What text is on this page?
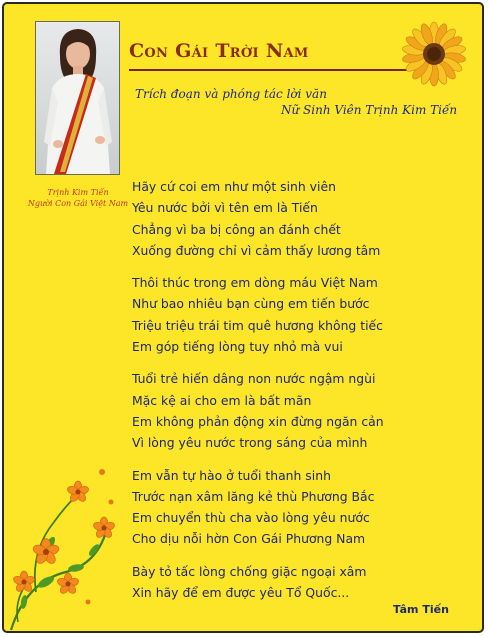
Trịnh Kim Tiến
Người Con Gái Việt Nam
Con Gái Trời Nam
Trích đoạn và phóng tác lời văn
Nữ Sinh Viên Trịnh Kim Tiến
Hãy cứ coi em như một sinh viên
Yêu nước bởi vì tên em là Tiến
Chẳng vì ba bị công an đánh chết
Xuống đường chỉ vì cảm thấy lương tâm
Thôi thúc trong em dòng máu Việt Nam
Như bao nhiêu bạn cùng em tiến bước
Triệu triệu trái tim quê hương không tiếc
Em góp tiếng lòng tuy nhỏ mà vui
Tuổi trẻ hiến dâng non nước ngậm ngùi
Mặc kệ ai cho em là bất mãn
Em không phản động xin đừng ngăn cản
Vì lòng yêu nước trong sáng của mình
Em vẫn tự hào ở tuổi thanh sinh
Trước nạn xâm lăng kẻ thù Phương Bắc
Em chuyển thù cha vào lòng yêu nước
Cho dịu nỗi hờn Con Gái Phương Nam
Bày tỏ tấc lòng chống giặc ngoại xâm
Xin hãy để em được yêu Tổ Quốc...
Tâm Tiến
